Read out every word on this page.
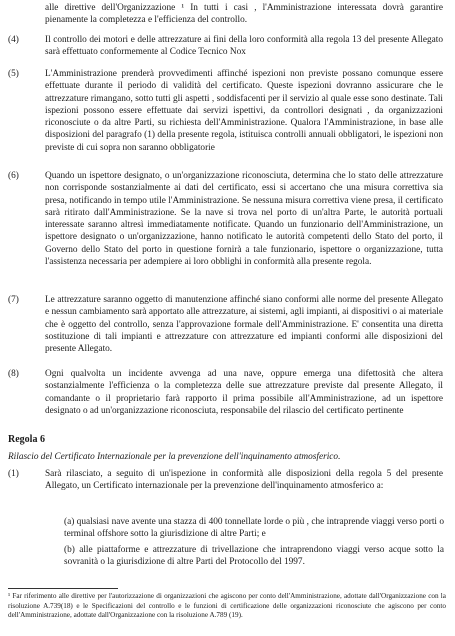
alle direttive dell'Organizzazione ¹ In tutti i casi , l'Amministrazione interessata dovrà garantire pienamente la completezza e l'efficienza del controllo.
(4)	Il controllo dei motori e delle attrezzature ai fini della loro conformità alla regola 13 del presente Allegato sarà effettuato conformemente al Codice Tecnico Nox
(5)	L'Amministrazione prenderà provvedimenti affinché ispezioni non previste possano comunque essere effettuate durante il periodo di validità del certificato. Queste ispezioni dovranno assicurare che le attrezzature rimangano, sotto tutti gli aspetti , soddisfacenti per il servizio al quale esse sono destinate. Tali ispezioni possono essere effettuate dai servizi ispettivi, da controllori designati , da organizzazioni riconosciute o da altre Parti, su richiesta dell'Amministrazione. Qualora l'Amministrazione, in base alle disposizioni del paragrafo (1) della presente regola, istituisca controlli annuali obbligatori, le ispezioni non previste di cui sopra non saranno obbligatorie
(6)	Quando un ispettore designato, o un'organizzazione riconosciuta, determina che lo stato delle attrezzature non corrisponde sostanzialmente ai dati del certificato, essi si accertano che una misura correttiva sia presa, notificando in tempo utile l'Amministrazione. Se nessuna misura correttiva viene presa, il certificato sarà ritirato dall'Amministrazione. Se la nave si trova nel porto di un'altra Parte, le autorità portuali interessate saranno altresì immediatamente notificate. Quando un funzionario dell'Amministrazione, un ispettore designato o un'organizzazione, hanno notificato le autorità competenti dello Stato del porto, il Governo dello Stato del porto in questione fornirà a tale funzionario, ispettore o organizzazione, tutta l'assistenza necessaria per adempiere ai loro obblighi in conformità alla presente regola.
(7)	Le attrezzature saranno oggetto di manutenzione affinché siano conformi alle norme del presente Allegato e nessun cambiamento sarà apportato alle attrezzature, ai sistemi, agli impianti, ai dispositivi o ai materiale che è oggetto del controllo, senza l'approvazione formale dell'Amministrazione. E' consentita una diretta sostituzione di tali impianti e attrezzature con attrezzature ed impianti conformi alle disposizioni del presente Allegato.
(8)	Ogni qualvolta un incidente avvenga ad una nave, oppure emerga una difettosità che altera sostanzialmente l'efficienza o la completezza delle sue attrezzature previste dal presente Allegato, il comandante o il proprietario farà rapporto il prima possibile all'Amministrazione, ad un ispettore designato o ad un'organizzazione riconosciuta, responsabile del rilascio del certificato pertinente
Regola 6
Rilascio del Certificato Internazionale per la prevenzione dell'inquinamento atmosferico.
(1)	Sarà rilasciato, a seguito di un'ispezione in conformità alle disposizioni della regola 5 del presente Allegato, un Certificato internazionale per la prevenzione dell'inquinamento atmosferico a:
(a) qualsiasi nave avente una stazza di 400 tonnellate lorde o più , che intraprende viaggi verso porti o terminal offshore sotto la giurisdizione di altre Parti; e
(b) alle piattaforme e attrezzature di trivellazione che intraprendono viaggi verso acque sotto la sovranità o la giurisdizione di altre Parti del Protocollo del 1997.
¹ Far riferimento alle direttive per l'autorizzazione di organizzazioni che agiscono per conto dell'Amministrazione, adottate dall'Organizzazione con la risoluzione A.739(18) e le Specificazioni del controllo e le funzioni di certificazione delle organizzazioni riconosciute che agiscono per conto dell'Amministrazione, adottate dall'Organizzazione con la risoluzione A.789 (19).
